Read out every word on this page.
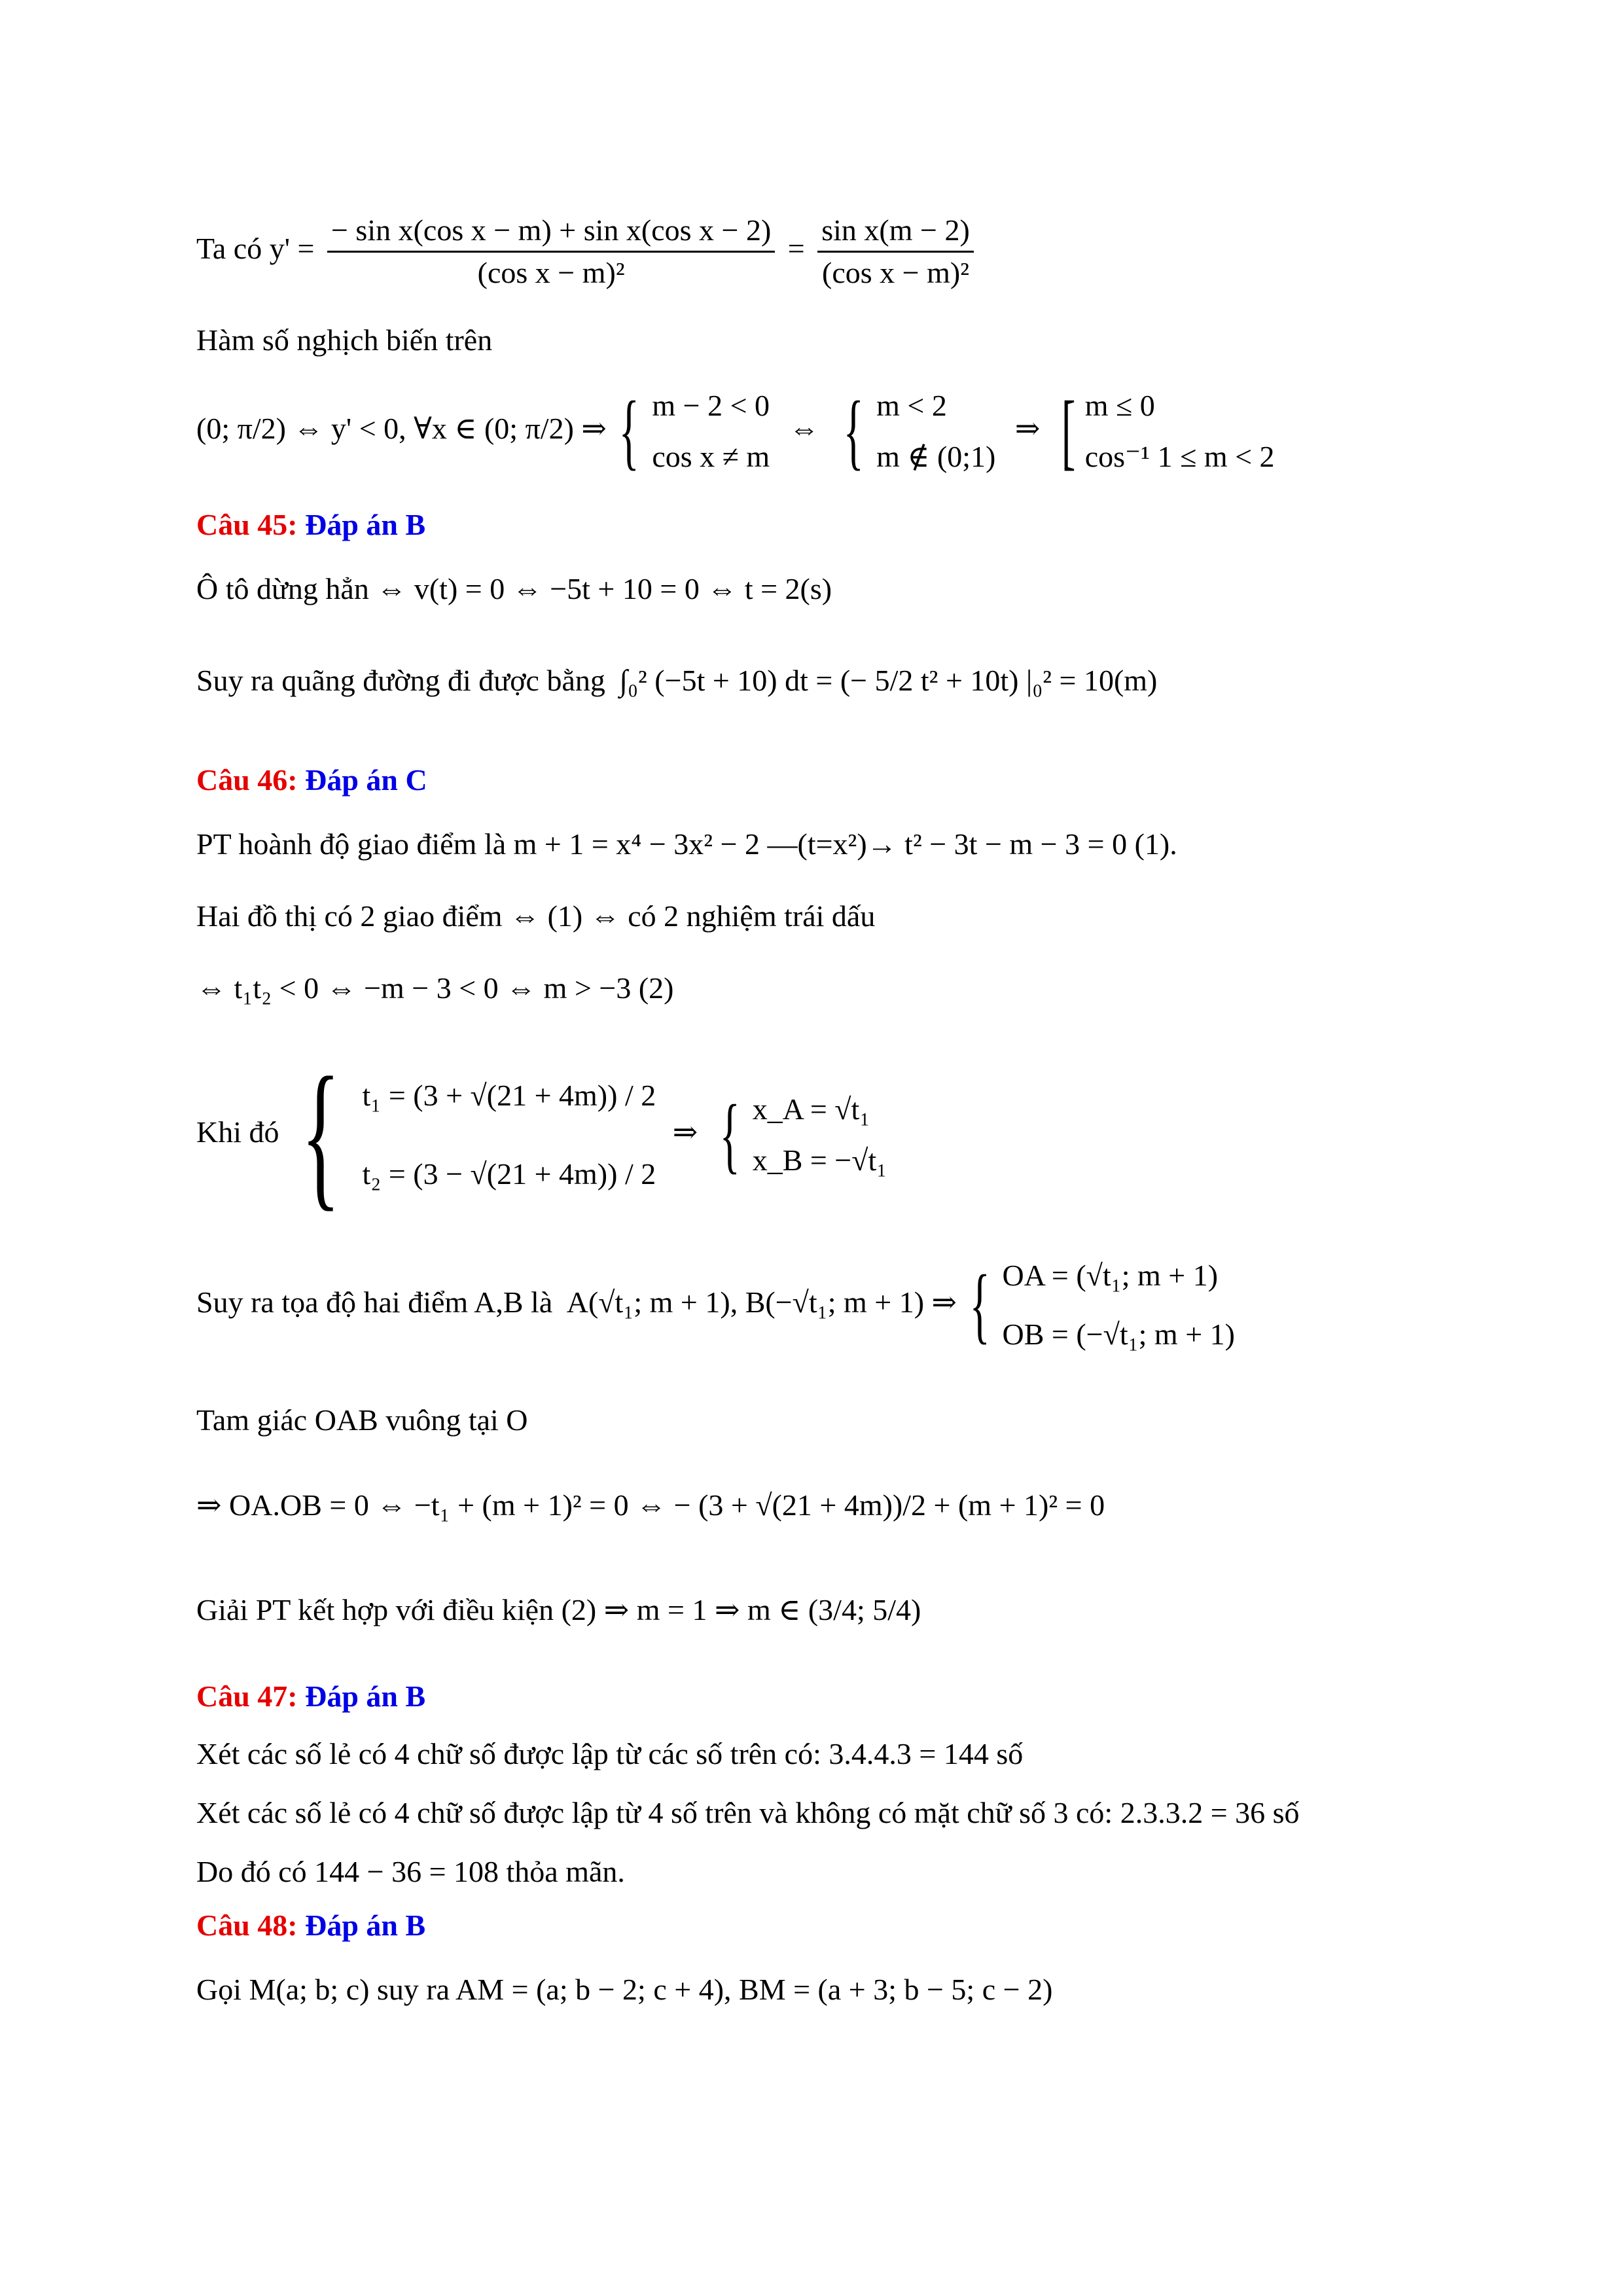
Ta có $y' = \frac{\text{− sin x(cos x − m) + sin x(cos x − 2)}}{\text{(cos x − m)²}} = \frac{\text{sin x(m − 2)}}{\text{(cos x − m)²}}$
Hàm số nghịch biến trên
(0; π/2) ⇔ y' < 0, ∀x ∈ (0; π/2) ⇒ { m − 2 < 0
cos x ≠ m
⇔ { m < 2
m ∉ (0;1)
⇒ [ m ≤ 0
cos⁻¹ 1 ≤ m < 2
Câu 45: Đáp án B
Ô tô dừng hẳn ⇔ v(t) = 0 ⇔ −5t + 10 = 0 ⇔ t = 2(s)
Suy ra quãng đường đi được bằng ∫₀² (−5t + 10) dt = (− 5/2 t² + 10t) |₀² = 10(m)
Câu 46: Đáp án C
PT hoành độ giao điểm là m + 1 = x⁴ − 3x² − 2 —(t=x²)→ t² − 3t − m − 3 = 0 (1).
Hai đồ thị có 2 giao điểm ⇔ (1) ⇔ có 2 nghiệm trái dấu
⇔ t₁t₂ < 0 ⇔ −m − 3 < 0 ⇔ m > −3 (2)
Khi đó { t₁ = (3 + √(21 + 4m)) / 2
t₂ = (3 − √(21 + 4m)) / 2
⇒ { x_A = √t₁
x_B = −√t₁
Suy ra tọa độ hai điểm A,B là A(√t₁; m + 1), B(−√t₁; m + 1) ⇒ { OA = (√t₁; m + 1)
OB = (−√t₁; m + 1)
Tam giác OAB vuông tại O
⇒ OA.OB = 0 ⇔ −t₁ + (m + 1)² = 0 ⇔ − (3 + √(21 + 4m))/2 + (m + 1)² = 0
Giải PT kết hợp với điều kiện (2) ⇒ m = 1 ⇒ m ∈ (3/4; 5/4)
Câu 47: Đáp án B
Xét các số lẻ có 4 chữ số được lập từ các số trên có: 3.4.4.3 = 144 số
Xét các số lẻ có 4 chữ số được lập từ 4 số trên và không có mặt chữ số 3 có: 2.3.3.2 = 36 số
Do đó có 144 − 36 = 108 thỏa mãn.
Câu 48: Đáp án B
Gọi M(a; b; c) suy ra AM = (a; b − 2; c + 4), BM = (a + 3; b − 5; c − 2)
